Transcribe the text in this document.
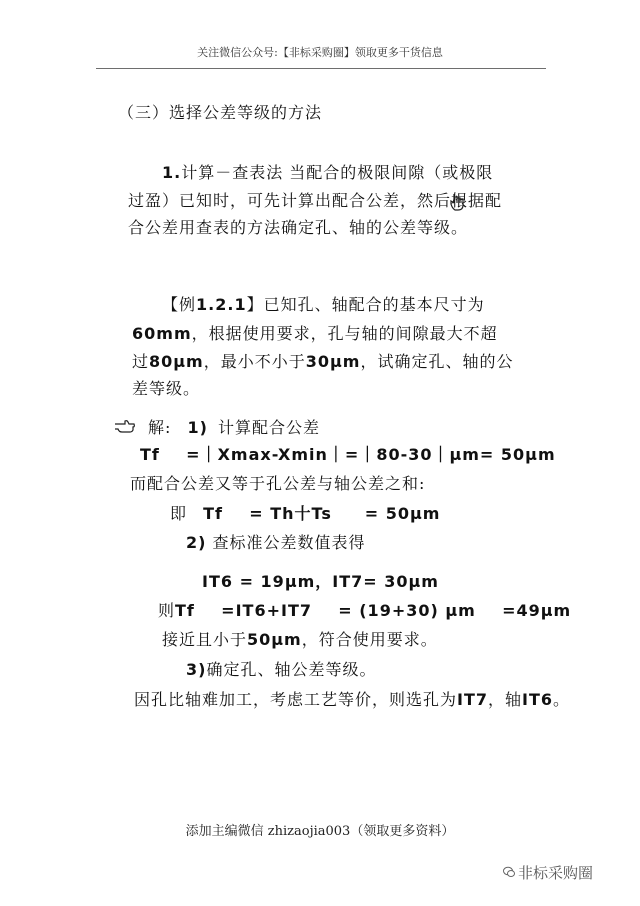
关注微信公众号:【非标采购圈】领取更多干货信息
（三）选择公差等级的方法
1.计算－查表法 当配合的极限间隙（或极限
过盈）已知时，可先计算出配合公差，然后根据配
合公差用查表的方法确定孔、轴的公差等级。
【例1.2.1】已知孔、轴配合的基本尺寸为
60mm，根据使用要求，孔与轴的间隙最大不超
过80μm，最小不小于30μm，试确定孔、轴的公
差等级。
解: 1) 计算配合公差
Tf    =｜Xmax-Xmin｜=｜80-30｜μm= 50μm
而配合公差又等于孔公差与轴公差之和:
即 Tf    = Th十Ts     = 50μm
2) 查标准公差数值表得
IT6 = 19μm，IT7= 30μm
则Tf    =IT6+IT7    = (19+30) μm    =49μm
接近且小于50μm，符合使用要求。
3)确定孔、轴公差等级。
因孔比轴难加工，考虑工艺等价，则选孔为IT7，轴IT6。
添加主编微信 zhizaojia003（领取更多资料）
非标采购圈
